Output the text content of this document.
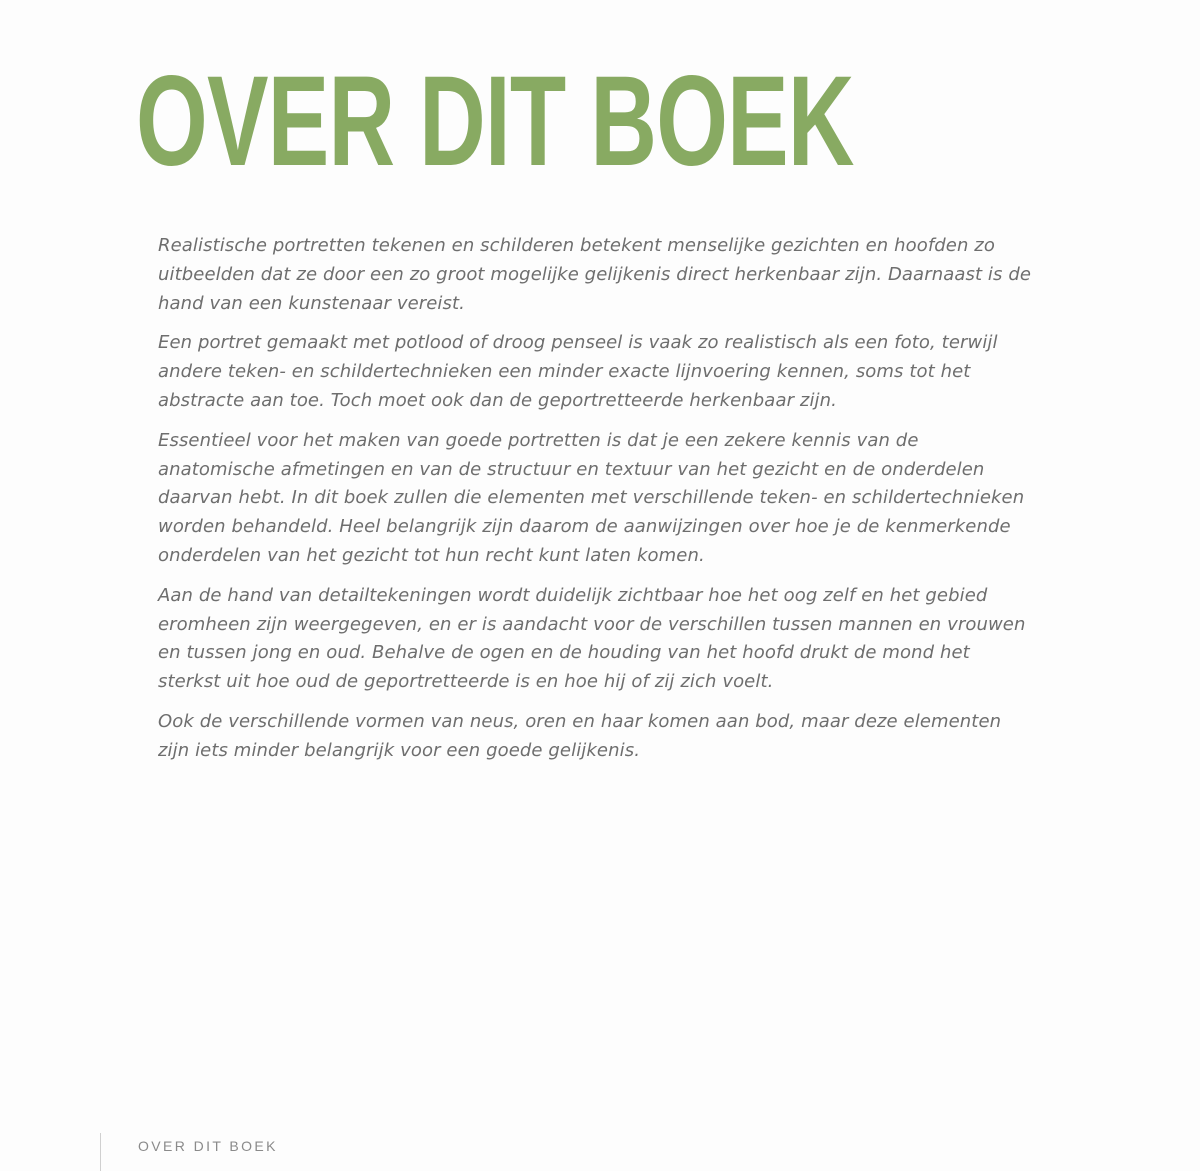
OVER DIT BOEK

Realistische portretten tekenen en schilderen betekent menselijke gezichten en hoofden zo uitbeelden dat ze door een zo groot mogelijke gelijkenis direct herkenbaar zijn. Daarnaast is de hand van een kunstenaar vereist.

Een portret gemaakt met potlood of droog penseel is vaak zo realistisch als een foto, terwijl andere teken- en schildertechnieken een minder exacte lijnvoering kennen, soms tot het abstracte aan toe. Toch moet ook dan de geportretteerde herkenbaar zijn.

Essentieel voor het maken van goede portretten is dat je een zekere kennis van de anatomische afmetingen en van de structuur en textuur van het gezicht en de onderdelen daarvan hebt. In dit boek zullen die elementen met verschillende teken- en schildertechnieken worden behandeld. Heel belangrijk zijn daarom de aanwijzingen over hoe je de kenmerkende onderdelen van het gezicht tot hun recht kunt laten komen.

Aan de hand van detailtekeningen wordt duidelijk zichtbaar hoe het oog zelf en het gebied eromheen zijn weergegeven, en er is aandacht voor de verschillen tussen mannen en vrouwen en tussen jong en oud. Behalve de ogen en de houding van het hoofd drukt de mond het sterkst uit hoe oud de geportretteerde is en hoe hij of zij zich voelt.

Ook de verschillende vormen van neus, oren en haar komen aan bod, maar deze elementen zijn iets minder belangrijk voor een goede gelijkenis.

OVER DIT BOEK
